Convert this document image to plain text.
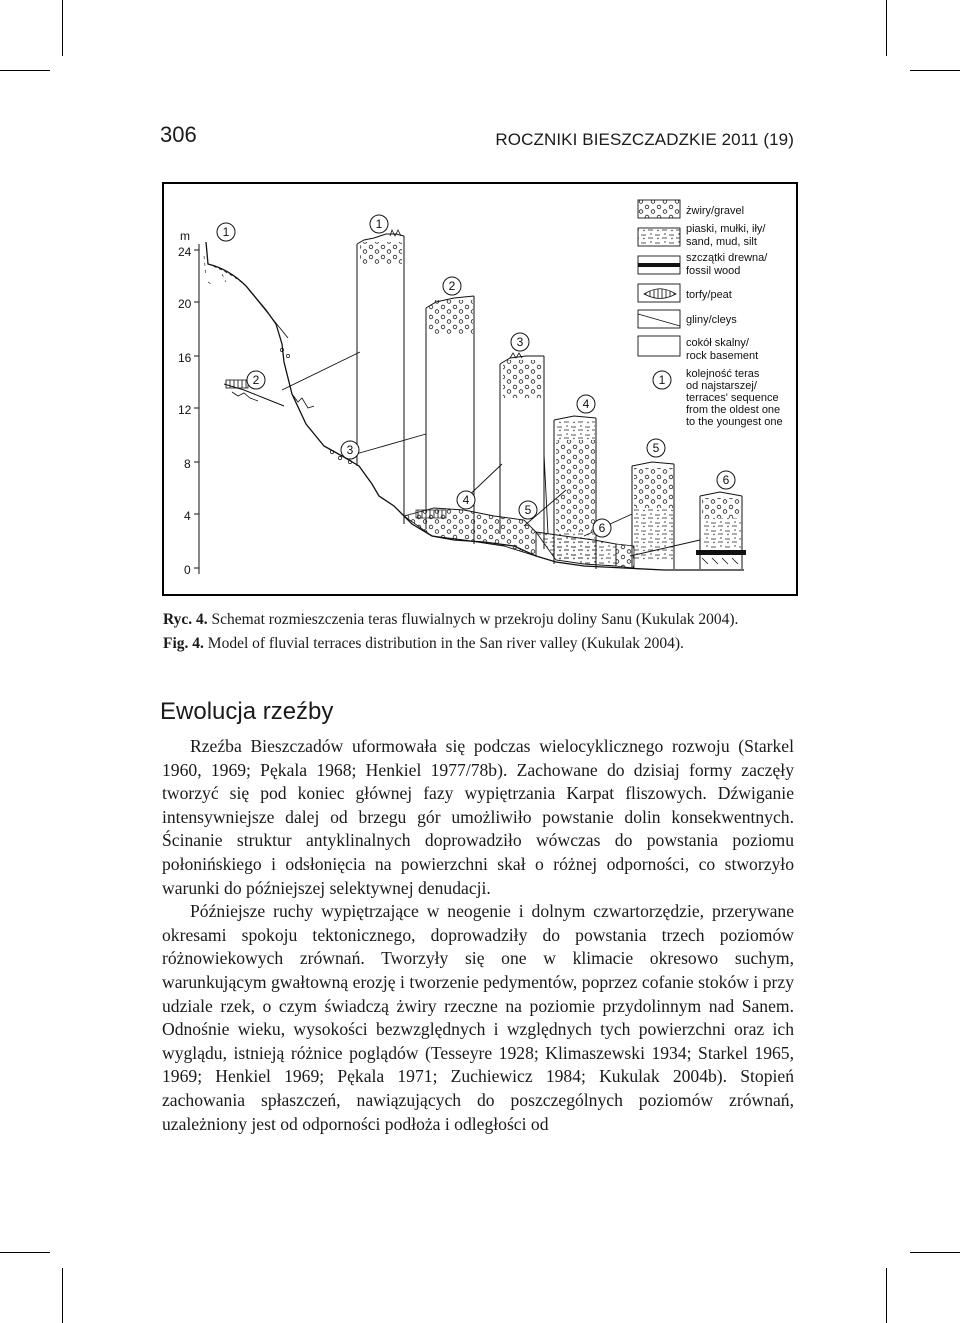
306	ROCZNIKI BIESZCZADZKIE 2011 (19)
m
24
20
16
12
8
4
0
1
1
2
2
3
3
4
4
5
5
6
6
żwiry/gravel
piaski, mułki, iły/
sand, mud, silt
szczątki drewna/
fossil wood
torfy/peat
gliny/cleys
cokół skalny/
rock basement
1 kolejność teras
od najstarszej/
terraces' sequence
from the oldest one
to the youngest one
Ryc. 4. Schemat rozmieszczenia teras fluwialnych w przekroju doliny Sanu (Kukulak 2004).
Fig. 4. Model of fluvial terraces distribution in the San river valley (Kukulak 2004).
Ewolucja rzeźby

Rzeźba Bieszczadów uformowała się podczas wielocyklicznego rozwoju (Starkel 1960, 1969; Pękala 1968; Henkiel 1977/78b). Zachowane do dzisiaj formy zaczęły tworzyć się pod koniec głównej fazy wypiętrzania Karpat fliszowych. Dźwiganie intensywniejsze dalej od brzegu gór umożliwiło powstanie dolin konsekwentnych. Ścinanie struktur antyklinalnych doprowadziło wówczas do powstania poziomu połonińskiego i odsłonięcia na powierzchni skał o różnej odporności, co stworzyło warunki do późniejszej selektywnej denudacji.

Późniejsze ruchy wypiętrzające w neogenie i dolnym czwartorzędzie, przerywane okresami spokoju tektonicznego, doprowadziły do powstania trzech poziomów różnowiekowych zrównań. Tworzyły się one w klimacie okresowo suchym, warunkującym gwałtowną erozję i tworzenie pedymentów, poprzez cofanie stoków i przy udziale rzek, o czym świadczą żwiry rzeczne na poziomie przydolinnym nad Sanem. Odnośnie wieku, wysokości bezwzględnych i względnych tych powierzchni oraz ich wyglądu, istnieją różnice poglądów (Tesseyre 1928; Klimaszewski 1934; Starkel 1965, 1969; Henkiel 1969; Pękala 1971; Zuchiewicz 1984; Kukulak 2004b). Stopień zachowania spłaszczeń, nawiązujących do poszczególnych poziomów zrównań, uzależniony jest od odporności podłoża i odległości od
